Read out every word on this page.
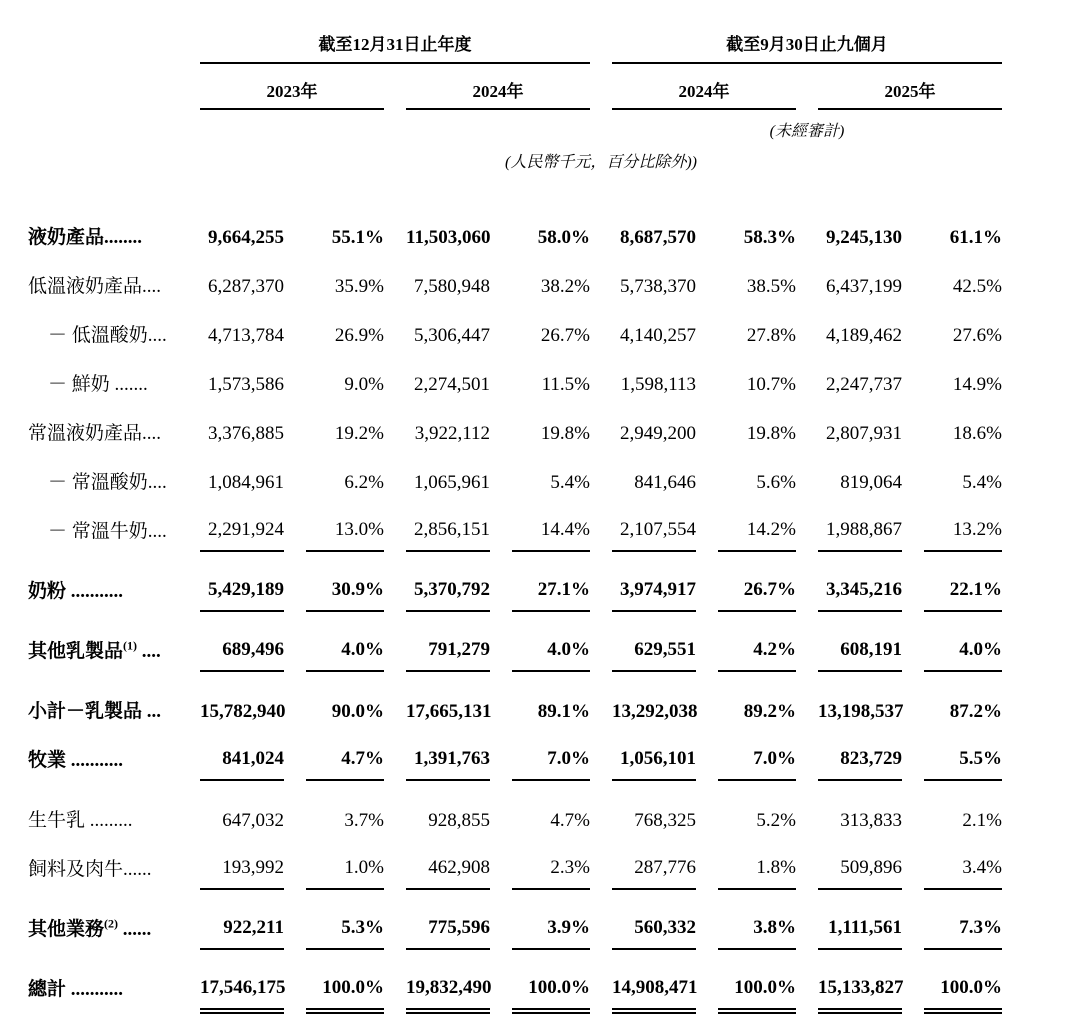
	截至12月31日止年度				截至9月30日止九個月			
	2023年		2024年		2024年		2025年	
					(未經審計)			
	(人民幣千元，百分比除外))							
液奶產品........	9,664,255	55.1%	11,503,060	58.0%	8,687,570	58.3%	9,245,130	61.1%
低溫液奶產品....	6,287,370	35.9%	7,580,948	38.2%	5,738,370	38.5%	6,437,199	42.5%
－ 低溫酸奶....	4,713,784	26.9%	5,306,447	26.7%	4,140,257	27.8%	4,189,462	27.6%
－ 鮮奶 .......	1,573,586	9.0%	2,274,501	11.5%	1,598,113	10.7%	2,247,737	14.9%
常溫液奶產品....	3,376,885	19.2%	3,922,112	19.8%	2,949,200	19.8%	2,807,931	18.6%
－ 常溫酸奶....	1,084,961	6.2%	1,065,961	5.4%	841,646	5.6%	819,064	5.4%
－ 常溫牛奶....	2,291,924	13.0%	2,856,151	14.4%	2,107,554	14.2%	1,988,867	13.2%
奶粉 ...........	5,429,189	30.9%	5,370,792	27.1%	3,974,917	26.7%	3,345,216	22.1%
其他乳製品$^{(1)}$ ....	689,496	4.0%	791,279	4.0%	629,551	4.2%	608,191	4.0%
小計－乳製品 ...	15,782,940	90.0%	17,665,131	89.1%	13,292,038	89.2%	13,198,537	87.2%
牧業 ...........	841,024	4.7%	1,391,763	7.0%	1,056,101	7.0%	823,729	5.5%
生牛乳 .........	647,032	3.7%	928,855	4.7%	768,325	5.2%	313,833	2.1%
飼料及肉牛......	193,992	1.0%	462,908	2.3%	287,776	1.8%	509,896	3.4%
其他業務$^{(2)}$ ......	922,211	5.3%	775,596	3.9%	560,332	3.8%	1,111,561	7.3%
總計 ...........	17,546,175	100.0%	19,832,490	100.0%	14,908,471	100.0%	15,133,827	100.0%
